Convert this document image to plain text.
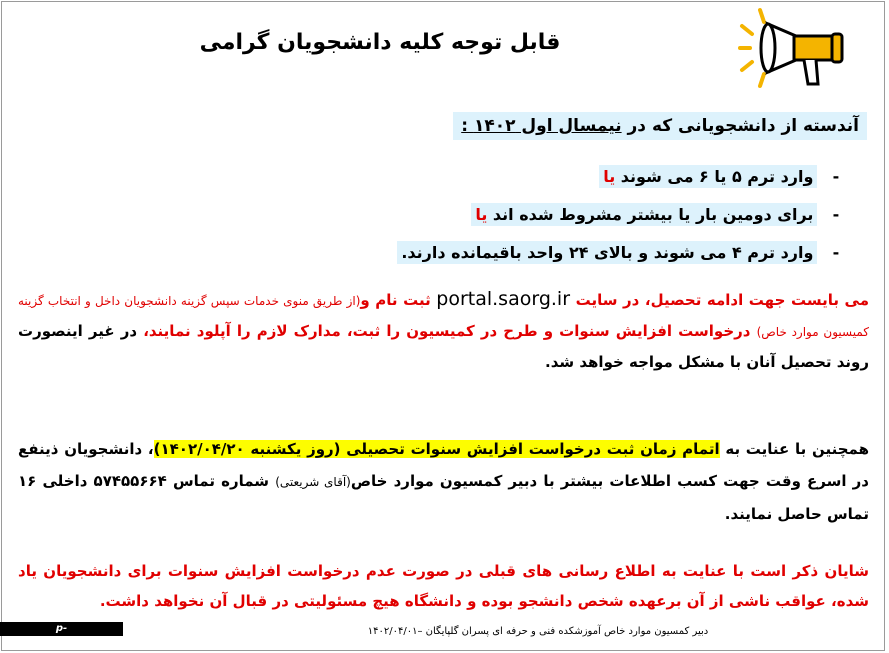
قابل توجه کلیه دانشجویان گرامی
آندسته از دانشجویانی که در نیمسال اول ۱۴۰۲ :
- وارد ترم ۵ یا ۶ می شوند یا
- برای دومین بار یا بیشتر مشروط شده اند یا
- وارد ترم ۴ می شوند و بالای ۲۴ واحد باقیمانده دارند.
می بایست جهت ادامه تحصیل، در سایت portal.saorg.ir ثبت نام و(از طریق منوی خدمات سپس گزینه دانشجویان داخل و انتخاب گزینه کمیسیون موارد خاص) درخواست افزایش سنوات و طرح در کمیسیون را ثبت، مدارک لازم را آپلود نمایند، در غیر اینصورت روند تحصیل آنان با مشکل مواجه خواهد شد.
همچنین با عنایت به اتمام زمان ثبت درخواست افزایش سنوات تحصیلی (روز یکشنبه ۱۴۰۲/۰۴/۲۰)، دانشجویان ذینفع در اسرع وقت جهت کسب اطلاعات بیشتر با دبیر کمسیون موارد خاص(آقای شریعتی) شماره تماس ۵۷۴۵۵۶۶۴ داخلی ۱۶ تماس حاصل نمایند.
شایان ذکر است با عنایت به اطلاع رسانی های قبلی در صورت عدم درخواست افزایش سنوات برای دانشجویان یاد شده، عواقب ناشی از آن برعهده شخص دانشجو بوده و دانشگاه هیچ مسئولیتی در قبال آن نخواهد داشت.
p-golpayegan.nus.ac.ir
دبیر کمسیون موارد خاص آموزشکده فنی و حرفه ای پسران گلپایگان –۱۴۰۲/۰۴/۰۱
